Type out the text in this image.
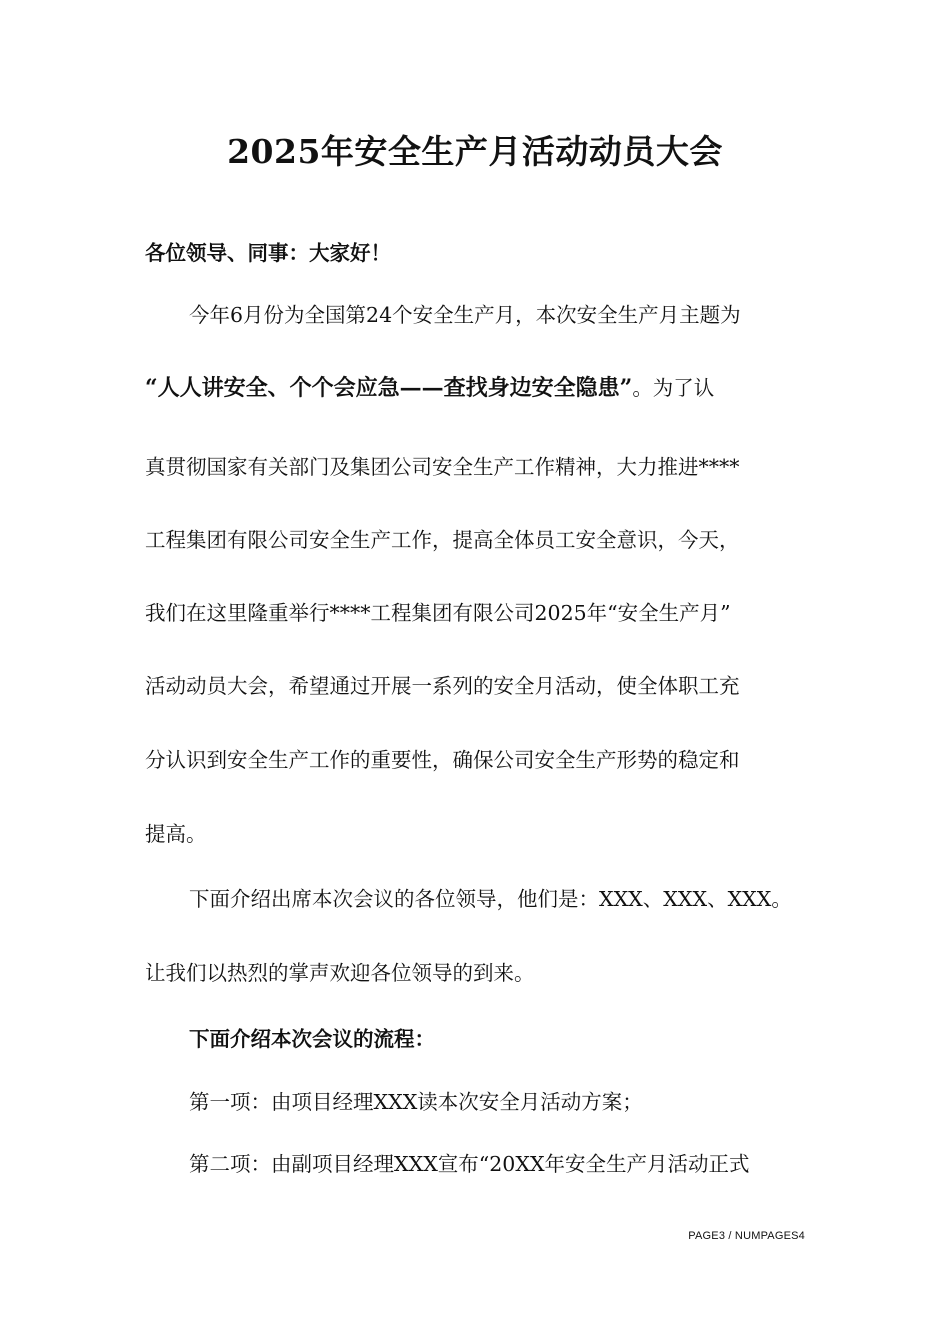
2025年安全生产月活动动员大会
各位领导、同事：大家好！
今年6月份为全国第24个安全生产月，本次安全生产月主题为
“人人讲安全、个个会应急——查找身边安全隐患”。为了认
真贯彻国家有关部门及集团公司安全生产工作精神，大力推进****
工程集团有限公司安全生产工作，提高全体员工安全意识，今天，
我们在这里隆重举行****工程集团有限公司2025年“安全生产月”
活动动员大会，希望通过开展一系列的安全月活动，使全体职工充
分认识到安全生产工作的重要性，确保公司安全生产形势的稳定和
提高。
下面介绍出席本次会议的各位领导，他们是：XXX、XXX、XXX。
让我们以热烈的掌声欢迎各位领导的到来。
下面介绍本次会议的流程：
第一项：由项目经理XXX读本次安全月活动方案；
第二项：由副项目经理XXX宣布“20XX年安全生产月活动正式
PAGE3 / NUMPAGES4
